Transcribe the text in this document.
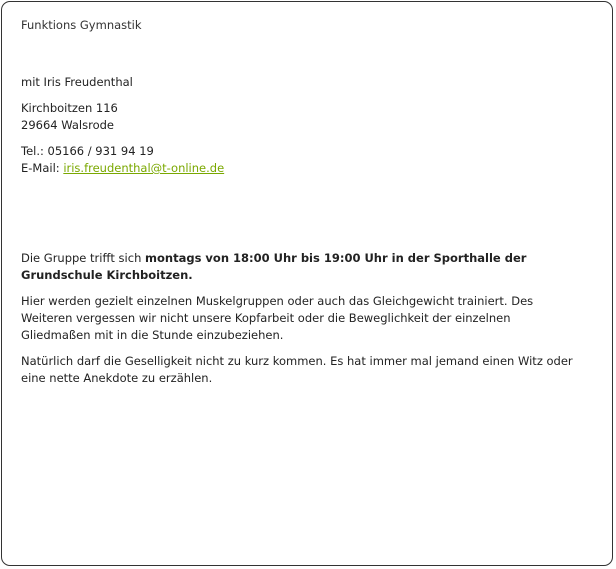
Funktions Gymnastik

mit Iris Freudenthal

Kirchboitzen 116
29664 Walsrode
Tel.: 05166 / 931 94 19
E-Mail: iris.freudenthal@t-online.de

Die Gruppe trifft sich montags von 18:00 Uhr bis 19:00 Uhr in der Sporthalle der Grundschule Kirchboitzen.

Hier werden gezielt einzelnen Muskelgruppen oder auch das Gleichgewicht trainiert. Des Weiteren vergessen wir nicht unsere Kopfarbeit oder die Beweglichkeit der einzelnen Gliedmaßen mit in die Stunde einzubeziehen.

Natürlich darf die Geselligkeit nicht zu kurz kommen. Es hat immer mal jemand einen Witz oder eine nette Anekdote zu erzählen.
